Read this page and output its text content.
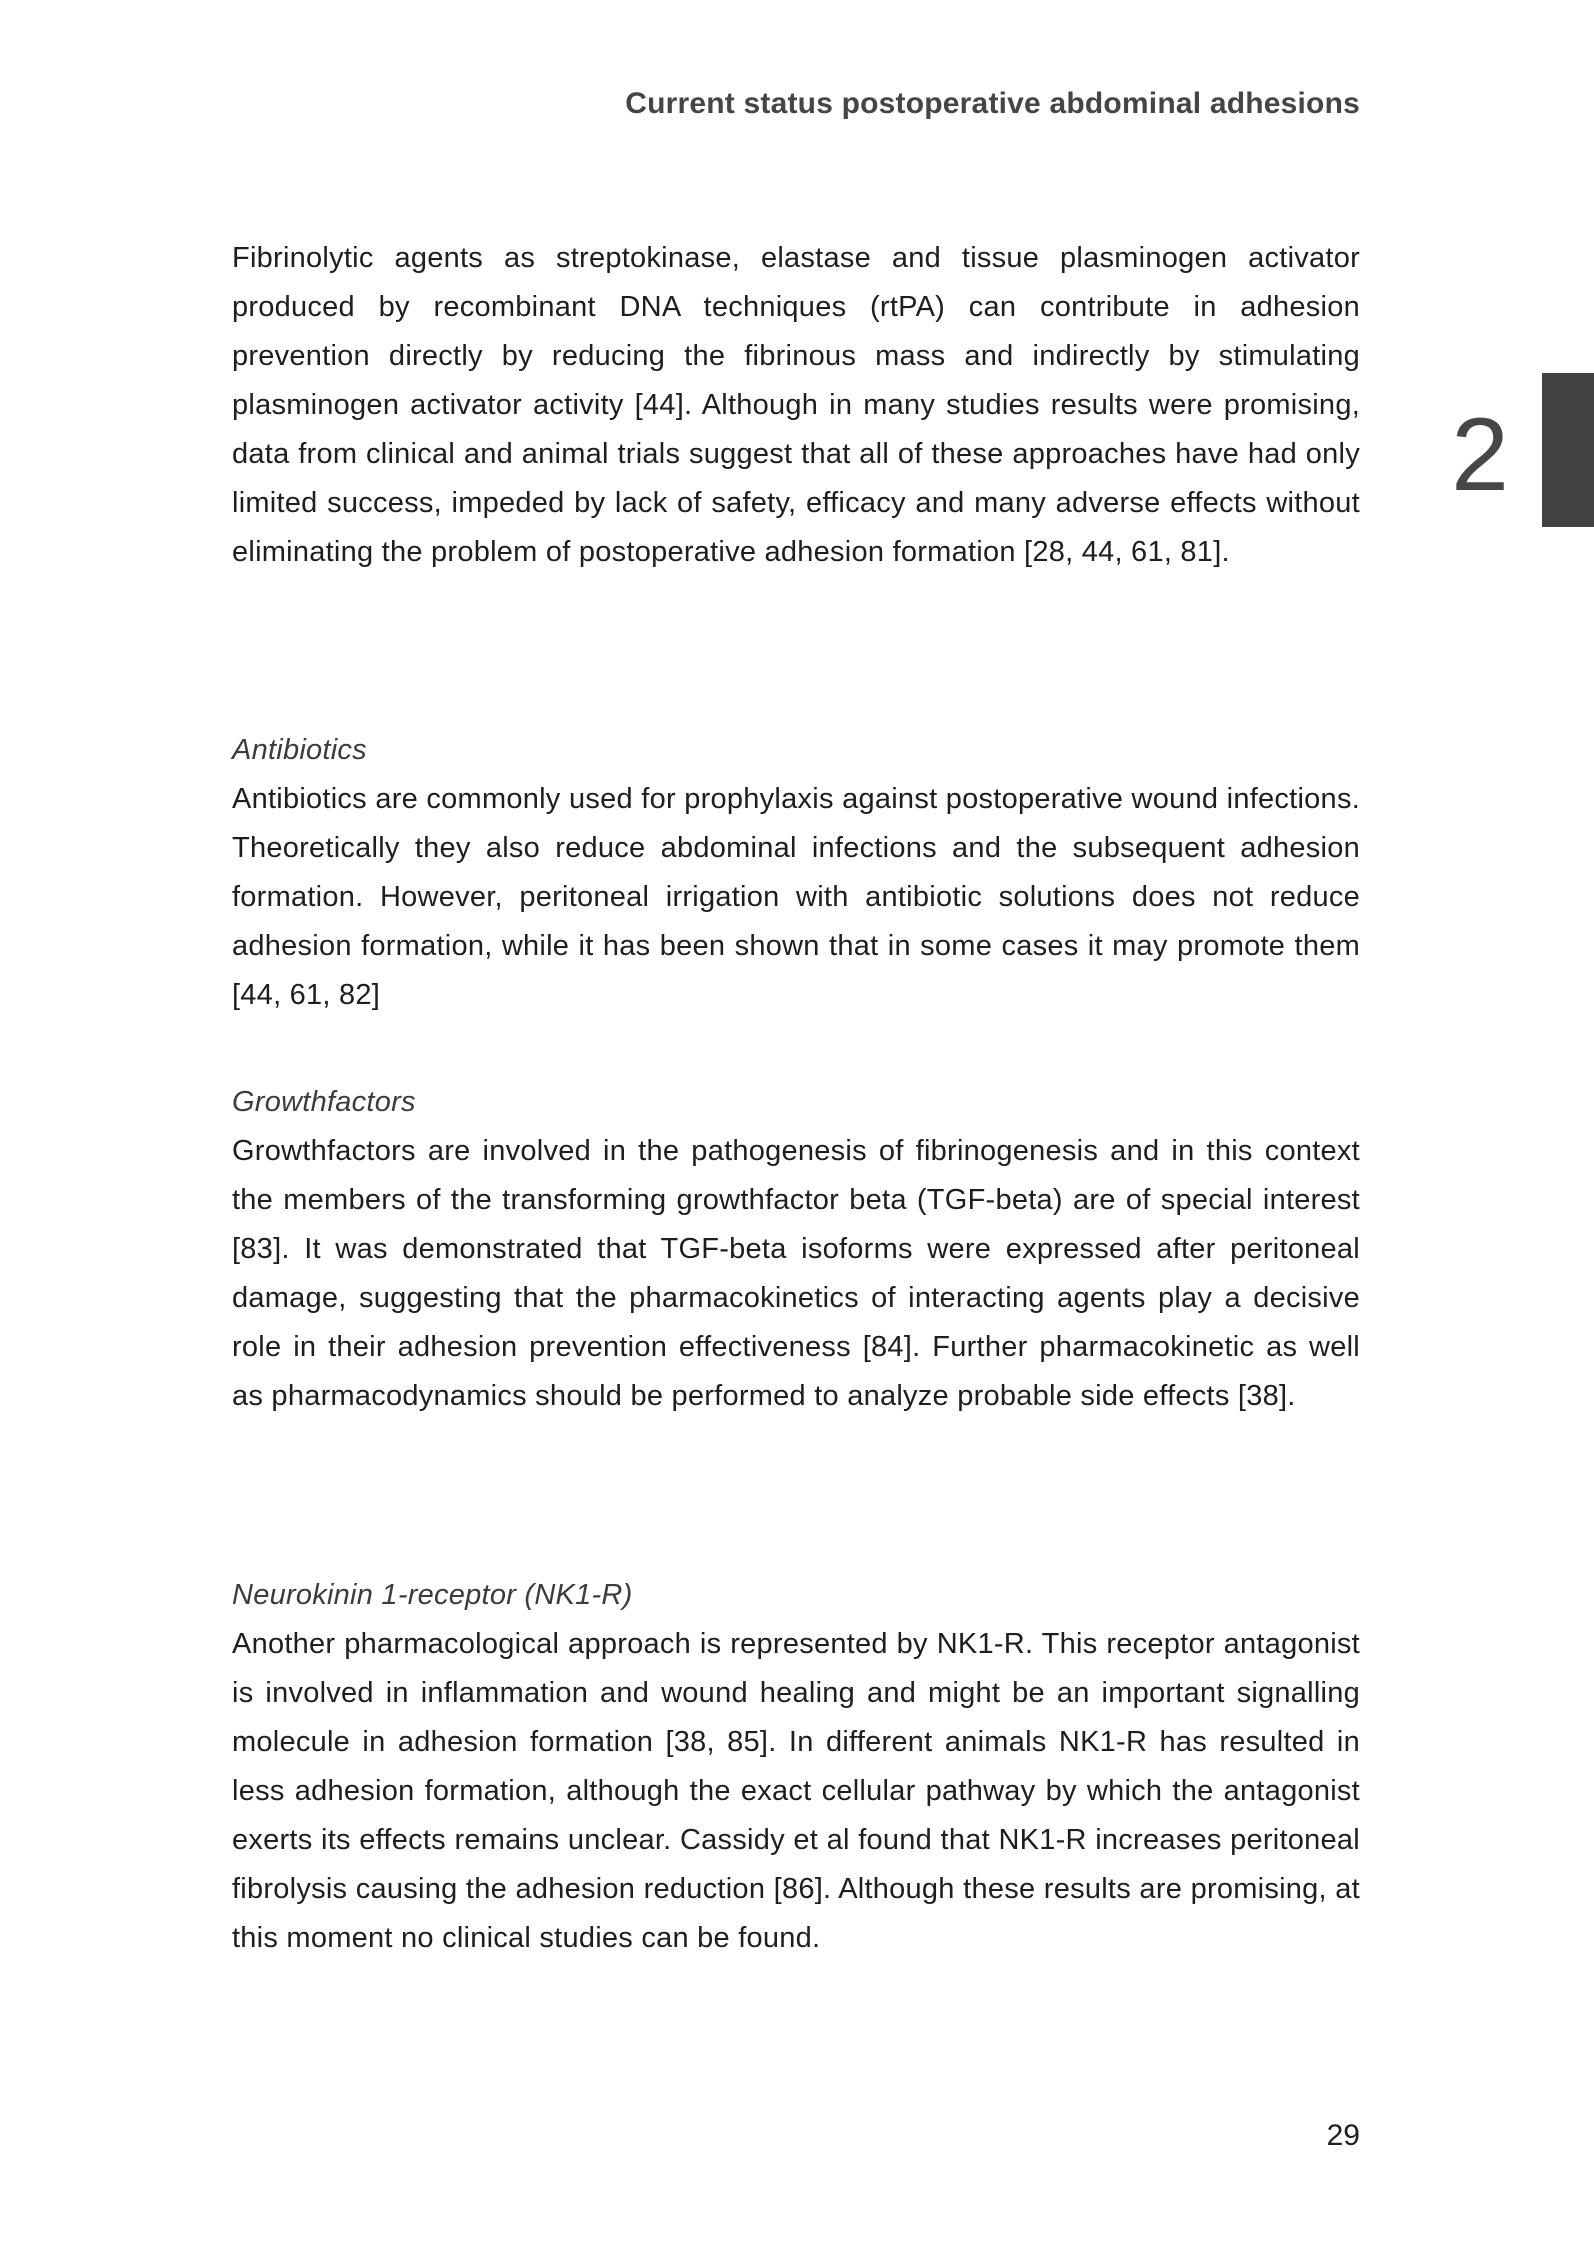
Current status postoperative abdominal adhesions
2

Fibrinolytic agents as streptokinase, elastase and tissue plasminogen activator produced by recombinant DNA techniques (rtPA) can contribute in adhesion prevention directly by reducing the fibrinous mass and indirectly by stimulating plasminogen activator activity [44]. Although in many studies results were promising, data from clinical and animal trials suggest that all of these approaches have had only limited success, impeded by lack of safety, efficacy and many adverse effects without eliminating the problem of postoperative adhesion formation [28, 44, 61, 81].

Antibiotics

Antibiotics are commonly used for prophylaxis against postoperative wound infections. Theoretically they also reduce abdominal infections and the subsequent adhesion formation. However, peritoneal irrigation with antibiotic solutions does not reduce adhesion formation, while it has been shown that in some cases it may promote them [44, 61, 82]

Growthfactors

Growthfactors are involved in the pathogenesis of fibrinogenesis and in this context the members of the transforming growthfactor beta (TGF-beta) are of special interest [83]. It was demonstrated that TGF-beta isoforms were expressed after peritoneal damage, suggesting that the pharmacokinetics of interacting agents play a decisive role in their adhesion prevention effectiveness [84]. Further pharmacokinetic as well as pharmacodynamics should be performed to analyze probable side effects [38].

Neurokinin 1-receptor (NK1-R)

Another pharmacological approach is represented by NK1-R. This receptor antagonist is involved in inflammation and wound healing and might be an important signalling molecule in adhesion formation [38, 85]. In different animals NK1-R has resulted in less adhesion formation, although the exact cellular pathway by which the antagonist exerts its effects remains unclear. Cassidy et al found that NK1-R increases peritoneal fibrolysis causing the adhesion reduction [86]. Although these results are promising, at this moment no clinical studies can be found.

29
